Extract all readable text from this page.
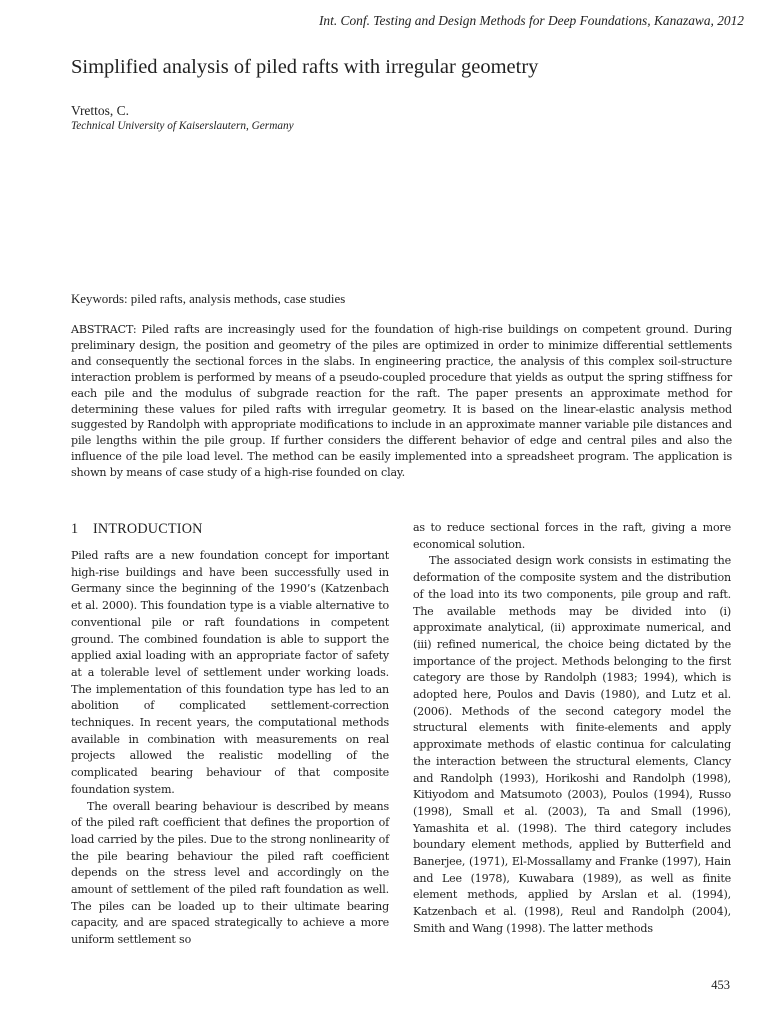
Int. Conf. Testing and Design Methods for Deep Foundations, Kanazawa, 2012
Simplified analysis of piled rafts with irregular geometry
Vrettos, C.
Technical University of Kaiserslautern, Germany
Keywords: piled rafts, analysis methods, case studies
ABSTRACT: Piled rafts are increasingly used for the foundation of high-rise buildings on competent ground. During preliminary design, the position and geometry of the piles are optimized in order to minimize differential settlements and consequently the sectional forces in the slabs. In engineering practice, the analysis of this complex soil-structure interaction problem is performed by means of a pseudo-coupled procedure that yields as output the spring stiffness for each pile and the modulus of subgrade reaction for the raft. The paper presents an approximate method for determining these values for piled rafts with irregular geometry. It is based on the linear-elastic analysis method suggested by Randolph with appropriate modifications to include in an approximate manner variable pile distances and pile lengths within the pile group. If further considers the different behavior of edge and central piles and also the influence of the pile load level. The method can be easily implemented into a spreadsheet program. The application is shown by means of case study of a high-rise founded on clay.
1 INTRODUCTION

Piled rafts are a new foundation concept for important high-rise buildings and have been successfully used in Germany since the beginning of the 1990’s (Katzenbach et al. 2000). This foundation type is a viable alternative to conventional pile or raft foundations in competent ground. The combined foundation is able to support the applied axial loading with an appropriate factor of safety at a tolerable level of settlement under working loads. The implementation of this foundation type has led to an abolition of complicated settlement-correction techniques. In recent years, the computational methods available in combination with measurements on real projects allowed the realistic modelling of the complicated bearing behaviour of that composite foundation system.

The overall bearing behaviour is described by means of the piled raft coefficient that defines the proportion of load carried by the piles. Due to the strong nonlinearity of the pile bearing behaviour the piled raft coefficient depends on the stress level and accordingly on the amount of settlement of the piled raft foundation as well. The piles can be loaded up to their ultimate bearing capacity, and are spaced strategically to achieve a more uniform settlement so

as to reduce sectional forces in the raft, giving a more economical solution.

The associated design work consists in estimating the deformation of the composite system and the distribution of the load into its two components, pile group and raft. The available methods may be divided into (i) approximate analytical, (ii) approximate numerical, and (iii) refined numerical, the choice being dictated by the importance of the project. Methods belonging to the first category are those by Randolph (1983; 1994), which is adopted here, Poulos and Davis (1980), and Lutz et al. (2006). Methods of the second category model the structural elements with finite-elements and apply approximate methods of elastic continua for calculating the interaction between the structural elements, Clancy and Randolph (1993), Horikoshi and Randolph (1998), Kitiyodom and Matsumoto (2003), Poulos (1994), Russo (1998), Small et al. (2003), Ta and Small (1996), Yamashita et al. (1998). The third category includes boundary element methods, applied by Butterfield and Banerjee, (1971), El-Mossallamy and Franke (1997), Hain and Lee (1978), Kuwabara (1989), as well as finite element methods, applied by Arslan et al. (1994), Katzenbach et al. (1998), Reul and Randolph (2004), Smith and Wang (1998). The latter methods

453
